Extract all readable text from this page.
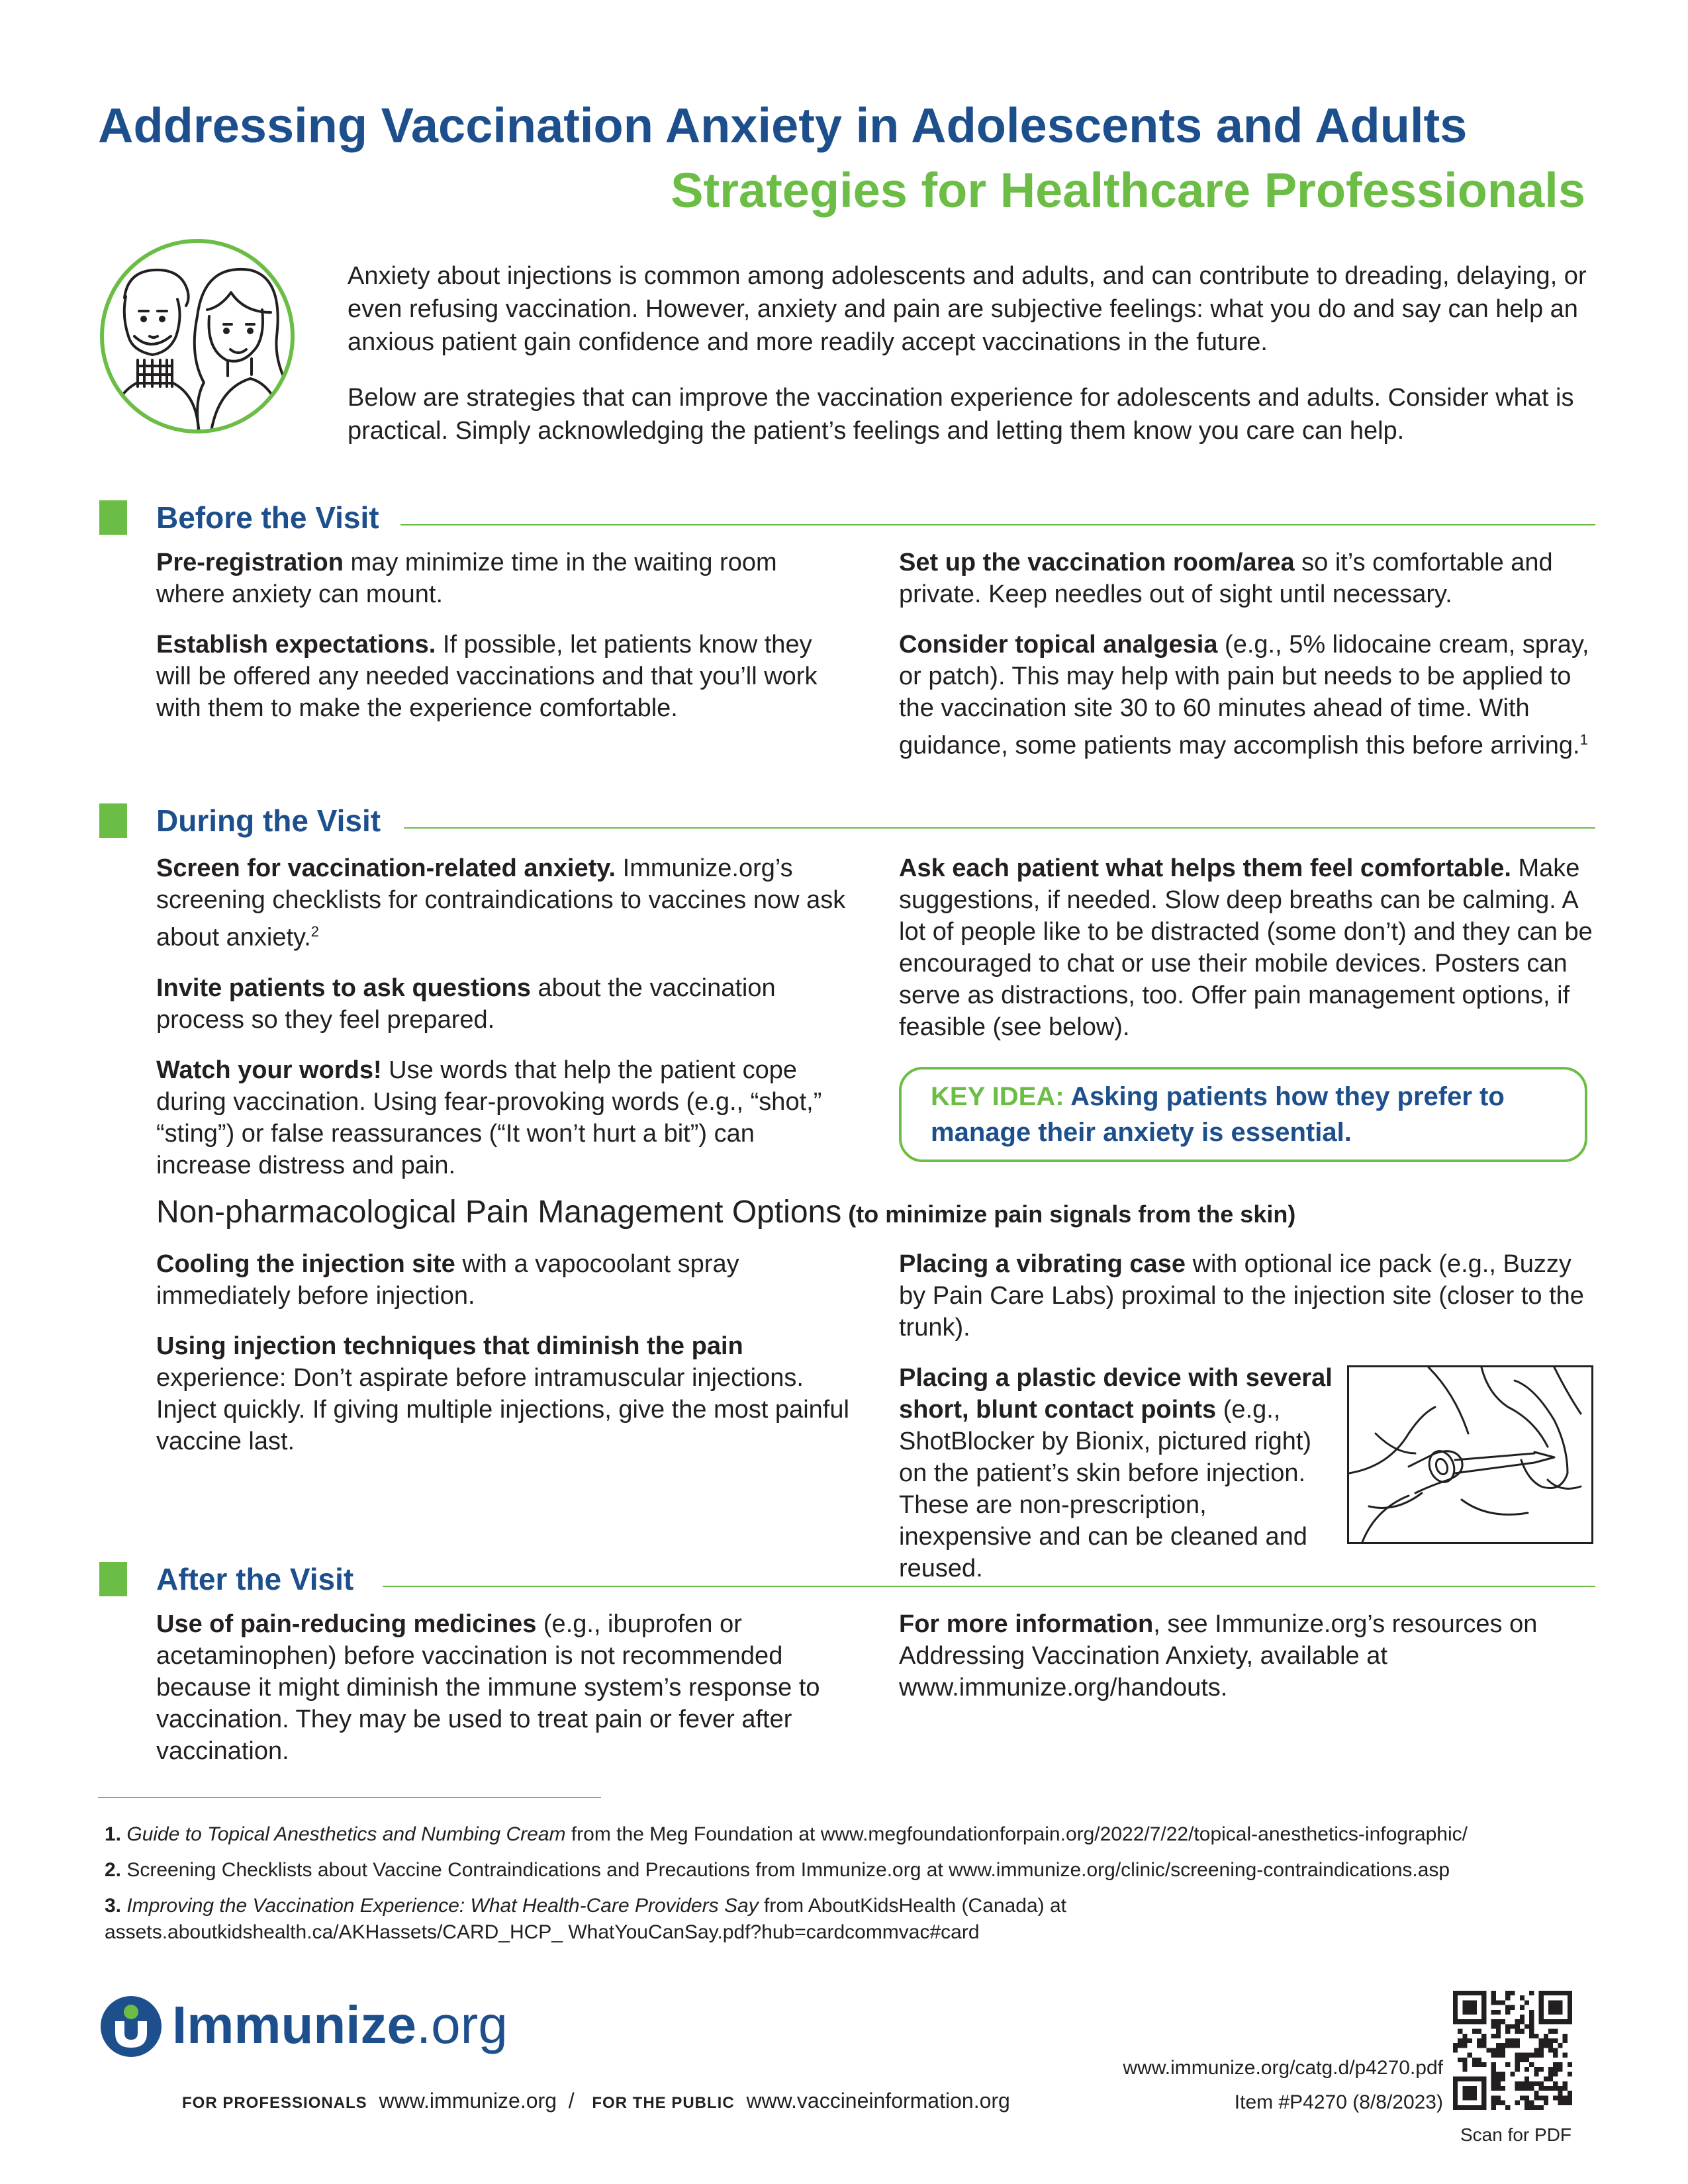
Addressing Vaccination Anxiety in Adolescents and Adults
Strategies for Healthcare Professionals

Anxiety about injections is common among adolescents and adults, and can contribute to dreading, delaying, or even refusing vaccination. However, anxiety and pain are subjective feelings: what you do and say can help an anxious patient gain confidence and more readily accept vaccinations in the future.

Below are strategies that can improve the vaccination experience for adolescents and adults. Consider what is practical. Simply acknowledging the patient’s feelings and letting them know you care can help.

Before the Visit

Pre-registration may minimize time in the waiting room where anxiety can mount.

Establish expectations. If possible, let patients know they will be offered any needed vaccinations and that you’ll work with them to make the experience comfortable.

Set up the vaccination room/area so it’s comfortable and private. Keep needles out of sight until necessary.

Consider topical analgesia (e.g., 5% lidocaine cream, spray, or patch). This may help with pain but needs to be applied to the vaccination site 30 to 60 minutes ahead of time. With guidance, some patients may accomplish this before arriving.$^1$

During the Visit

Screen for vaccination-related anxiety. Immunize.org’s screening checklists for contraindications to vaccines now ask about anxiety.$^2$

Invite patients to ask questions about the vaccination process so they feel prepared.

Watch your words! Use words that help the patient cope during vaccination. Using fear-provoking words (e.g., “shot,” “sting”) or false reassurances (“It won’t hurt a bit”) can increase distress and pain.

Ask each patient what helps them feel comfortable. Make suggestions, if needed. Slow deep breaths can be calming. A lot of people like to be distracted (some don’t) and they can be encouraged to chat or use their mobile devices. Posters can serve as distractions, too. Offer pain management options, if feasible (see below).

KEY IDEA: Asking patients how they prefer to manage their anxiety is essential.
Non-pharmacological Pain Management Options (to minimize pain signals from the skin)

Cooling the injection site with a vapocoolant spray immediately before injection.

Using injection techniques that diminish the pain experience: Don’t aspirate before intramuscular injections. Inject quickly. If giving multiple injections, give the most painful vaccine last.

Placing a vibrating case with optional ice pack (e.g., Buzzy by Pain Care Labs) proximal to the injection site (closer to the trunk).

Placing a plastic device with several short, blunt contact points (e.g., ShotBlocker by Bionix, pictured right) on the patient’s skin before injection. These are non-prescription, inexpensive and can be cleaned and reused.

After the Visit

Use of pain-reducing medicines (e.g., ibuprofen or acetaminophen) before vaccination is not recommended because it might diminish the immune system’s response to vaccination. They may be used to treat pain or fever after vaccination.

For more information, see Immunize.org’s resources on Addressing Vaccination Anxiety, available at www.immunize.org/handouts.

1. Guide to Topical Anesthetics and Numbing Cream from the Meg Foundation at www.megfoundationforpain.org/2022/7/22/topical-anesthetics-infographic/
2. Screening Checklists about Vaccine Contraindications and Precautions from Immunize.org at www.immunize.org/clinic/screening-contraindications.asp
3. Improving the Vaccination Experience: What Health-Care Providers Say from AboutKidsHealth (Canada) at assets.aboutkidshealth.ca/AKHassets/CARD_HCP_ WhatYouCanSay.pdf?hub=cardcommvac#card
Immunize.org
FOR PROFESSIONALS www.immunize.org / FOR THE PUBLIC www.vaccineinformation.org
www.immunize.org/catg.d/p4270.pdf
Item #P4270 (8/8/2023)
Scan for PDF
